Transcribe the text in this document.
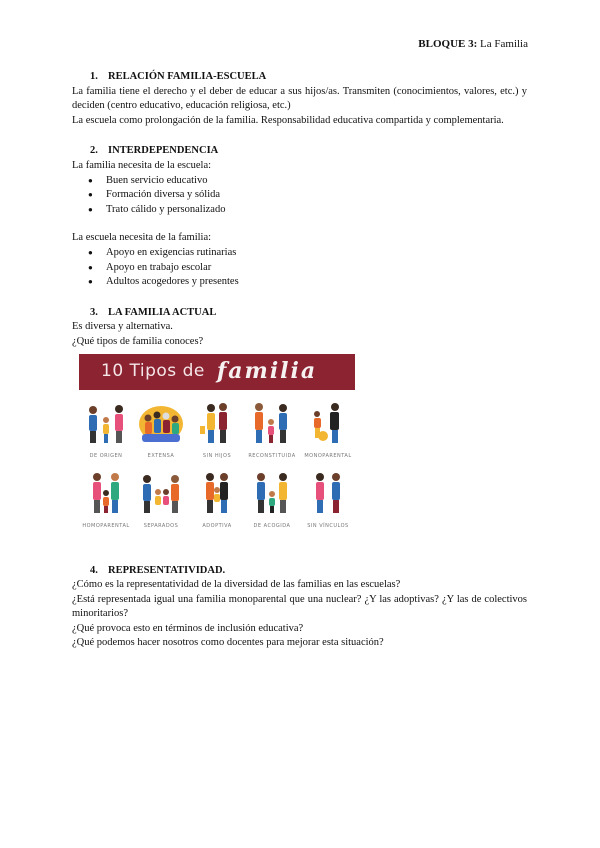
BLOQUE 3: La Familia
1. RELACIÓN FAMILIA-ESCUELA

La familia tiene el derecho y el deber de educar a sus hijos/as. Transmiten (conocimientos, valores, etc.) y deciden (centro educativo, educación religiosa, etc.)

La escuela como prolongación de la familia. Responsabilidad educativa compartida y complementaria.

2. INTERDEPENDENCIA

La familia necesita de la escuela:

● Buen servicio educativo
● Formación diversa y sólida
● Trato cálido y personalizado

La escuela necesita de la familia:

● Apoyo en exigencias rutinarias
● Apoyo en trabajo escolar
● Adultos acogedores y presentes
3. LA FAMILIA ACTUAL

Es diversa y alternativa.

¿Qué tipos de familia conoces?

10 Tipos de familia
DE ORIGEN	EXTENSA	SIN HIJOS	RECONSTITUIDA	MONOPARENTAL
HOMOPARENTAL	SEPARADOS	ADOPTIVA	DE ACOGIDA	SIN VÍNCULOS
4. REPRESENTATIVIDAD.

¿Cómo es la representatividad de la diversidad de las familias en las escuelas?

¿Está representada igual una familia monoparental que una nuclear? ¿Y las adoptivas? ¿Y las de colectivos minoritarios?

¿Qué provoca esto en términos de inclusión educativa?

¿Qué podemos hacer nosotros como docentes para mejorar esta situación?
